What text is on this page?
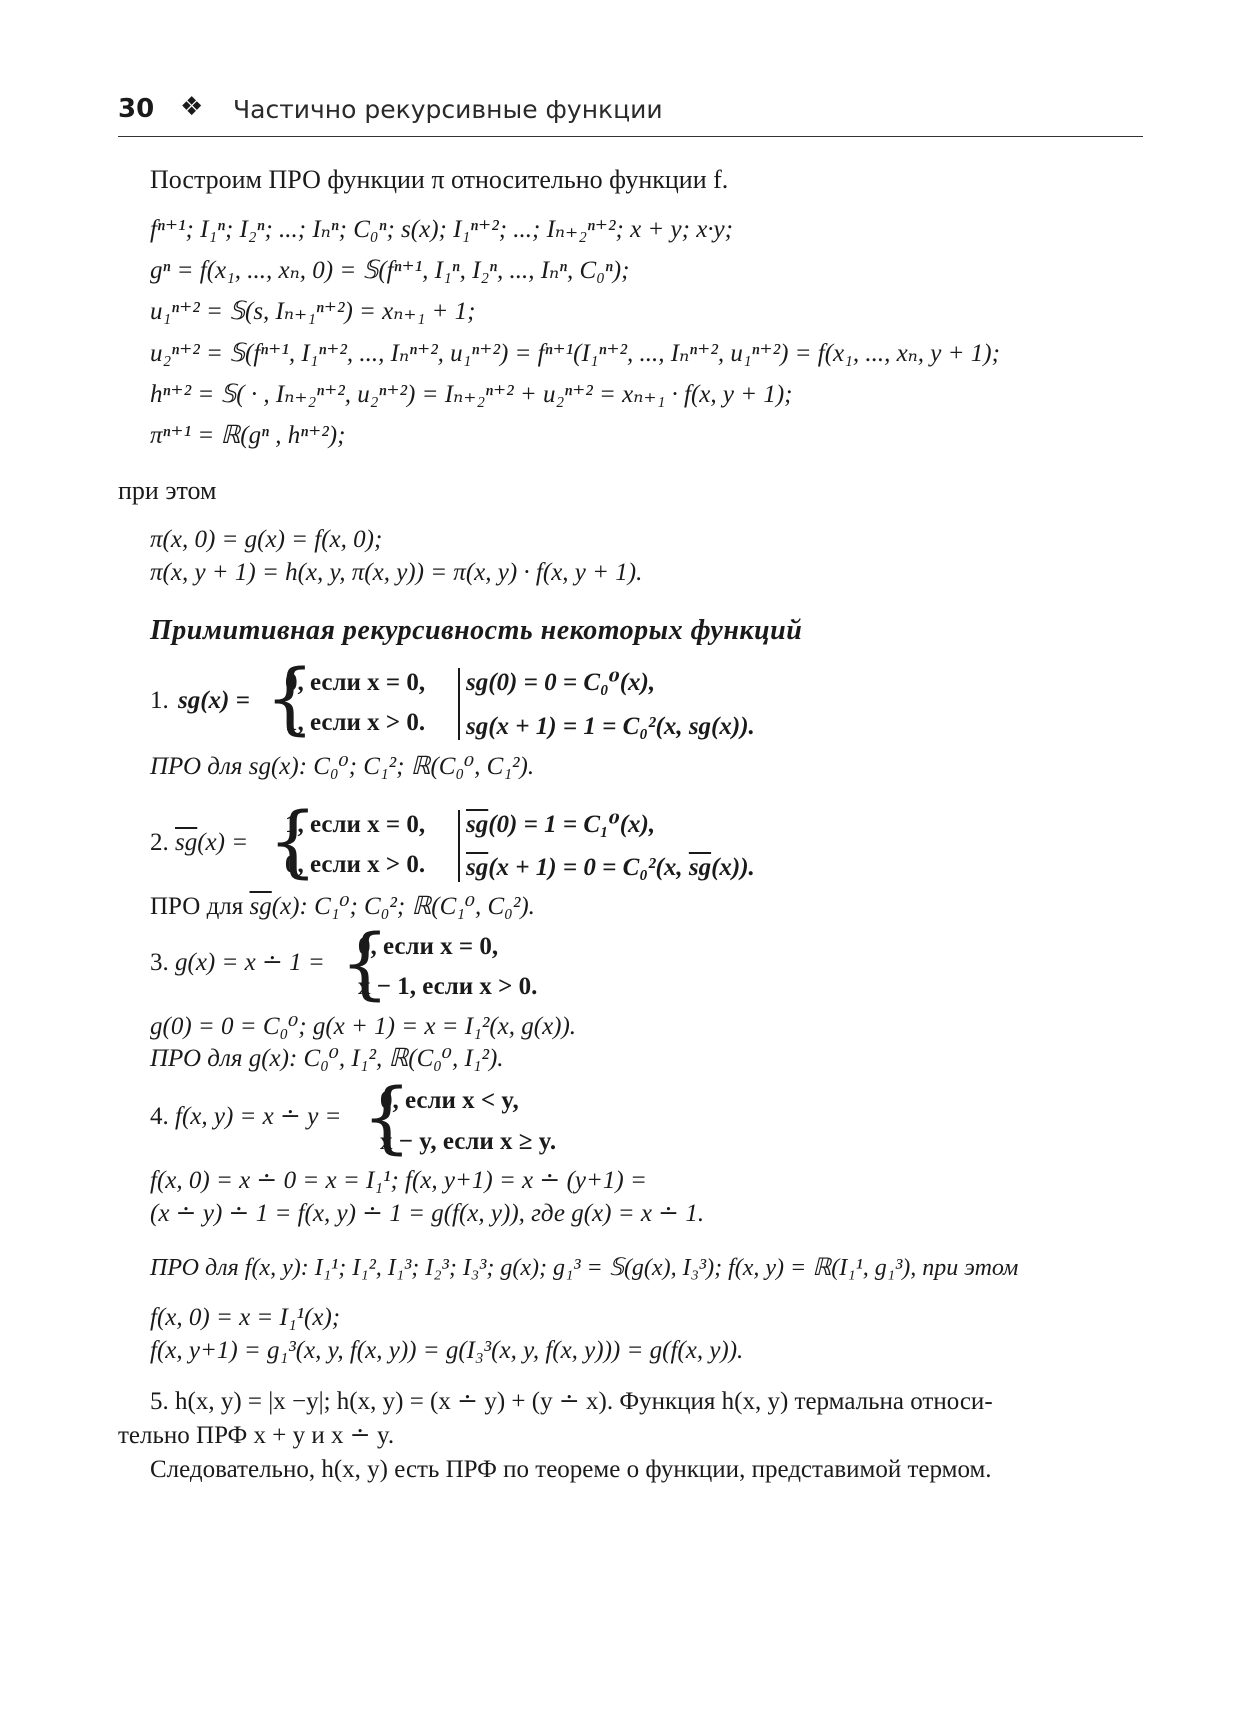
30 ❖ Частично рекурсивные функции
Построим ПРО функции π относительно функции f.
fⁿ⁺¹; I₁ⁿ; I₂ⁿ; ...; Iₙⁿ; C₀ⁿ; s(x); I₁ⁿ⁺²; ...; Iₙ₊₂ⁿ⁺²; x + y; x·y;
gⁿ = f(x₁, ..., xₙ, 0) = 𝕊(fⁿ⁺¹, I₁ⁿ, I₂ⁿ, ..., Iₙⁿ, C₀ⁿ);
u₁ⁿ⁺² = 𝕊(s, Iₙ₊₁ⁿ⁺²) = xₙ₊₁ + 1;
u₂ⁿ⁺² = 𝕊(fⁿ⁺¹, I₁ⁿ⁺², ..., Iₙⁿ⁺², u₁ⁿ⁺²) = fⁿ⁺¹(I₁ⁿ⁺², ..., Iₙⁿ⁺², u₁ⁿ⁺²) = f(x₁, ..., xₙ, y + 1);
hⁿ⁺² = 𝕊( · , Iₙ₊₂ⁿ⁺², u₂ⁿ⁺²) = Iₙ₊₂ⁿ⁺² + u₂ⁿ⁺² = xₙ₊₁ · f(x, y + 1);
πⁿ⁺¹ = ℝ(gⁿ , hⁿ⁺²);
при этом
π(x, 0) = g(x) = f(x, 0);
π(x, y + 1) = h(x, y, π(x, y)) = π(x, y) · f(x, y + 1).
Примитивная рекурсивность некоторых функций
1. sg(x) = {
0, если x = 0,
1, если x > 0.
sg(0) = 0 = C₀⁰(x),
sg(x + 1) = 1 = C₀²(x, sg(x)).
ПРО для sg(x): C₀⁰; C₁²; ℝ(C₀⁰, C₁²).
2. $\overline{sg}(x)$ = {
1, если x = 0,
0, если x > 0.
$\overline{sg}(0) = 1 = C_1^0(x)$,
$\overline{sg}(x + 1) = 0 = C_0^2(x$, $\overline{sg}(x)$).
ПРО для $\overline{sg}(x)$: C₁⁰; C₀²; ℝ(C₁⁰, C₀²).
3. g(x) = x ∸ 1 = {
0, если x = 0,
x − 1, если x > 0.
g(0) = 0 = C₀⁰; g(x + 1) = x = I₁²(x, g(x)).
ПРО для g(x): C₀⁰, I₁², ℝ(C₀⁰, I₁²).
4. f(x, y) = x ∸ y = {
0, если x < y,
x − y, если x ≥ y.
f(x, 0) = x ∸ 0 = x = I₁¹; f(x, y+1) = x ∸ (y+1) =
(x ∸ y) ∸ 1 = f(x, y) ∸ 1 = g(f(x, y)), где g(x) = x ∸ 1.
ПРО для f(x, y): I₁¹; I₁², I₁³; I₂³; I₃³; g(x); g₁³ = 𝕊(g(x), I₃³); f(x, y) = ℝ(I₁¹, g₁³), при этом
f(x, 0) = x = I₁¹(x);
f(x, y+1) = g₁³(x, y, f(x, y)) = g(I₃³(x, y, f(x, y))) = g(f(x, y)).
5. h(x, y) = |x −y|; h(x, y) = (x ∸ y) + (y ∸ x). Функция h(x, y) термальна относи-
тельно ПРФ x + y и x ∸ y.
Следовательно, h(x, y) есть ПРФ по теореме о функции, представимой термом.
